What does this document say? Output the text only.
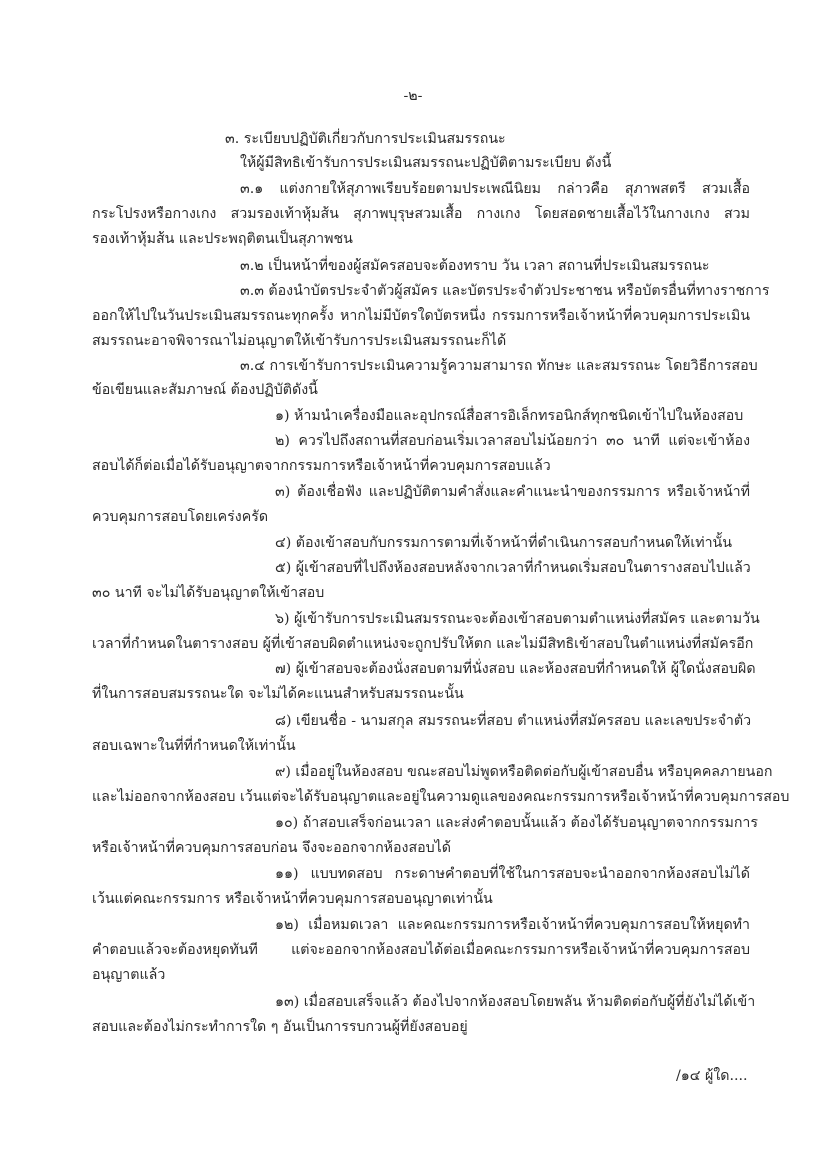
-๒-
๓. ระเบียบปฏิบัติเกี่ยวกับการประเมินสมรรถนะ
ให้ผู้มีสิทธิเข้ารับการประเมินสมรรถนะปฏิบัติตามระเบียบ ดังนี้
๓.๑ แต่งกายให้สุภาพเรียบร้อยตามประเพณีนิยม กล่าวคือ สุภาพสตรี สวมเสื้อ
กระโปรงหรือกางเกง สวมรองเท้าหุ้มส้น สุภาพบุรุษสวมเสื้อ กางเกง โดยสอดชายเสื้อไว้ในกางเกง สวม
รองเท้าหุ้มส้น และประพฤติตนเป็นสุภาพชน
๓.๒ เป็นหน้าที่ของผู้สมัครสอบจะต้องทราบ วัน เวลา สถานที่ประเมินสมรรถนะ
๓.๓ ต้องนำบัตรประจำตัวผู้สมัคร และบัตรประจำตัวประชาชน หรือบัตรอื่นที่ทางราชการ
ออกให้ไปในวันประเมินสมรรถนะทุกครั้ง หากไม่มีบัตรใดบัตรหนึ่ง กรรมการหรือเจ้าหน้าที่ควบคุมการประเมิน
สมรรถนะอาจพิจารณาไม่อนุญาตให้เข้ารับการประเมินสมรรถนะก็ได้
๓.๔ การเข้ารับการประเมินความรู้ความสามารถ ทักษะ และสมรรถนะ โดยวิธีการสอบ
ข้อเขียนและสัมภาษณ์ ต้องปฏิบัติดังนี้
๑) ห้ามนำเครื่องมือและอุปกรณ์สื่อสารอิเล็กทรอนิกส์ทุกชนิดเข้าไปในห้องสอบ
๒) ควรไปถึงสถานที่สอบก่อนเริ่มเวลาสอบไม่น้อยกว่า ๓๐ นาที แต่จะเข้าห้อง
สอบได้ก็ต่อเมื่อได้รับอนุญาตจากกรรมการหรือเจ้าหน้าที่ควบคุมการสอบแล้ว
๓) ต้องเชื่อฟัง และปฏิบัติตามคำสั่งและคำแนะนำของกรรมการ หรือเจ้าหน้าที่
ควบคุมการสอบโดยเคร่งครัด
๔) ต้องเข้าสอบกับกรรมการตามที่เจ้าหน้าที่ดำเนินการสอบกำหนดให้เท่านั้น
๕) ผู้เข้าสอบที่ไปถึงห้องสอบหลังจากเวลาที่กำหนดเริ่มสอบในตารางสอบไปแล้ว
๓๐ นาที จะไม่ได้รับอนุญาตให้เข้าสอบ
๖) ผู้เข้ารับการประเมินสมรรถนะจะต้องเข้าสอบตามตำแหน่งที่สมัคร และตามวัน
เวลาที่กำหนดในตารางสอบ ผู้ที่เข้าสอบผิดตำแหน่งจะถูกปรับให้ตก และไม่มีสิทธิเข้าสอบในตำแหน่งที่สมัครอีก
๗) ผู้เข้าสอบจะต้องนั่งสอบตามที่นั่งสอบ และห้องสอบที่กำหนดให้ ผู้ใดนั่งสอบผิด
ที่ในการสอบสมรรถนะใด จะไม่ได้คะแนนสำหรับสมรรถนะนั้น
๘) เขียนชื่อ - นามสกุล สมรรถนะที่สอบ ตำแหน่งที่สมัครสอบ และเลขประจำตัว
สอบเฉพาะในที่ที่กำหนดให้เท่านั้น
๙) เมื่ออยู่ในห้องสอบ ขณะสอบไม่พูดหรือติดต่อกับผู้เข้าสอบอื่น หรือบุคคลภายนอก
และไม่ออกจากห้องสอบ เว้นแต่จะได้รับอนุญาตและอยู่ในความดูแลของคณะกรรมการหรือเจ้าหน้าที่ควบคุมการสอบ
๑๐) ถ้าสอบเสร็จก่อนเวลา และส่งคำตอบนั้นแล้ว ต้องได้รับอนุญาตจากกรรมการ
หรือเจ้าหน้าที่ควบคุมการสอบก่อน จึงจะออกจากห้องสอบได้
๑๑) แบบทดสอบ กระดาษคำตอบที่ใช้ในการสอบจะนำออกจากห้องสอบไม่ได้
เว้นแต่คณะกรรมการ หรือเจ้าหน้าที่ควบคุมการสอบอนุญาตเท่านั้น
๑๒) เมื่อหมดเวลา และคณะกรรมการหรือเจ้าหน้าที่ควบคุมการสอบให้หยุดทำ
คำตอบแล้วจะต้องหยุดทันที แต่จะออกจากห้องสอบได้ต่อเมื่อคณะกรรมการหรือเจ้าหน้าที่ควบคุมการสอบ
อนุญาตแล้ว
๑๓) เมื่อสอบเสร็จแล้ว ต้องไปจากห้องสอบโดยพลัน ห้ามติดต่อกับผู้ที่ยังไม่ได้เข้า
สอบและต้องไม่กระทำการใด ๆ อันเป็นการรบกวนผู้ที่ยังสอบอยู่
/๑๔ ผู้ใด....
